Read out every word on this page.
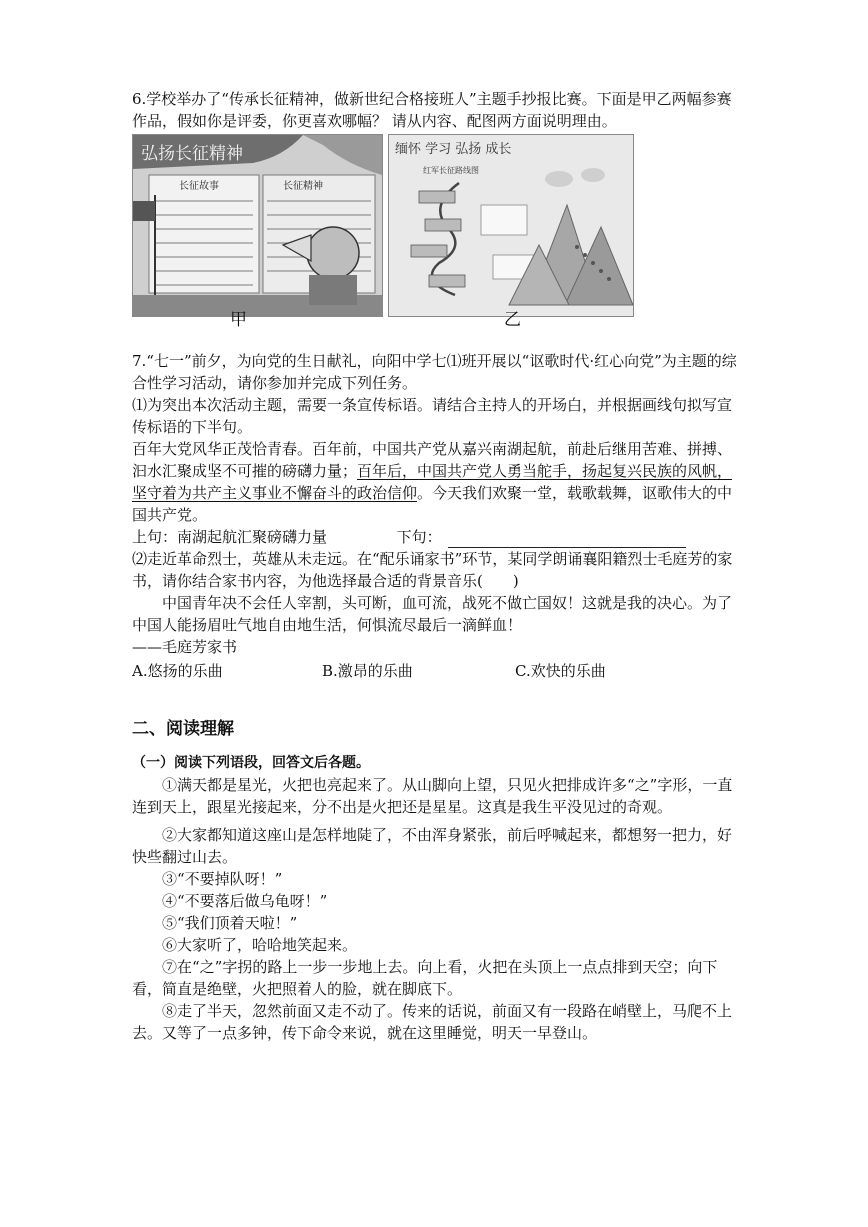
6.学校举办了“传承长征精神，做新世纪合格接班人”主题手抄报比赛。下面是甲乙两幅参赛作品，假如你是评委，你更喜欢哪幅？ 请从内容、配图两方面说明理由。

弘扬长征精神
长征故事	长征精神
缅怀 学习 弘扬 成长
红军长征路线图
甲	乙

7.“七一”前夕，为向党的生日献礼，向阳中学七⑴班开展以“讴歌时代·红心向党”为主题的综合性学习活动，请你参加并完成下列任务。

⑴为突出本次活动主题，需要一条宣传标语。请结合主持人的开场白，并根据画线句拟写宣传标语的下半句。

百年大党风华正茂恰青春。百年前，中国共产党从嘉兴南湖起航，前赴后继用苦难、拼搏、汩水汇聚成坚不可摧的磅礴力量；百年后，中国共产党人勇当舵手，扬起复兴民族的风帆，坚守着为共产主义事业不懈奋斗的政治信仰。今天我们欢聚一堂，载歌载舞，讴歌伟大的中国共产党。

上句：南湖起航汇聚磅礴力量	下句：

⑵走近革命烈士，英雄从未走远。在“配乐诵家书”环节，某同学朗诵襄阳籍烈士毛庭芳的家书，请你结合家书内容，为他选择最合适的背景音乐(　　)

中国青年决不会任人宰割，头可断，血可流，战死不做亡国奴！这就是我的决心。为了中国人能扬眉吐气地自由地生活，何惧流尽最后一滴鲜血！

——毛庭芳家书

A.悠扬的乐曲	B.激昂的乐曲	C.欢快的乐曲

二、阅读理解

（一）阅读下列语段，回答文后各题。

①满天都是星光，火把也亮起来了。从山脚向上望，只见火把排成许多“之”字形，一直连到天上，跟星光接起来，分不出是火把还是星星。这真是我生平没见过的奇观。

②大家都知道这座山是怎样地陡了，不由浑身紧张，前后呼喊起来，都想努一把力，好快些翻过山去。

③“不要掉队呀！”

④“不要落后做乌龟呀！”

⑤“我们顶着天啦！”

⑥大家听了，哈哈地笑起来。

⑦在“之”字拐的路上一步一步地上去。向上看，火把在头顶上一点点排到天空；向下看，简直是绝壁，火把照着人的脸，就在脚底下。

⑧走了半天，忽然前面又走不动了。传来的话说，前面又有一段路在峭壁上，马爬不上去。又等了一点多钟，传下命令来说，就在这里睡觉，明天一早登山。
